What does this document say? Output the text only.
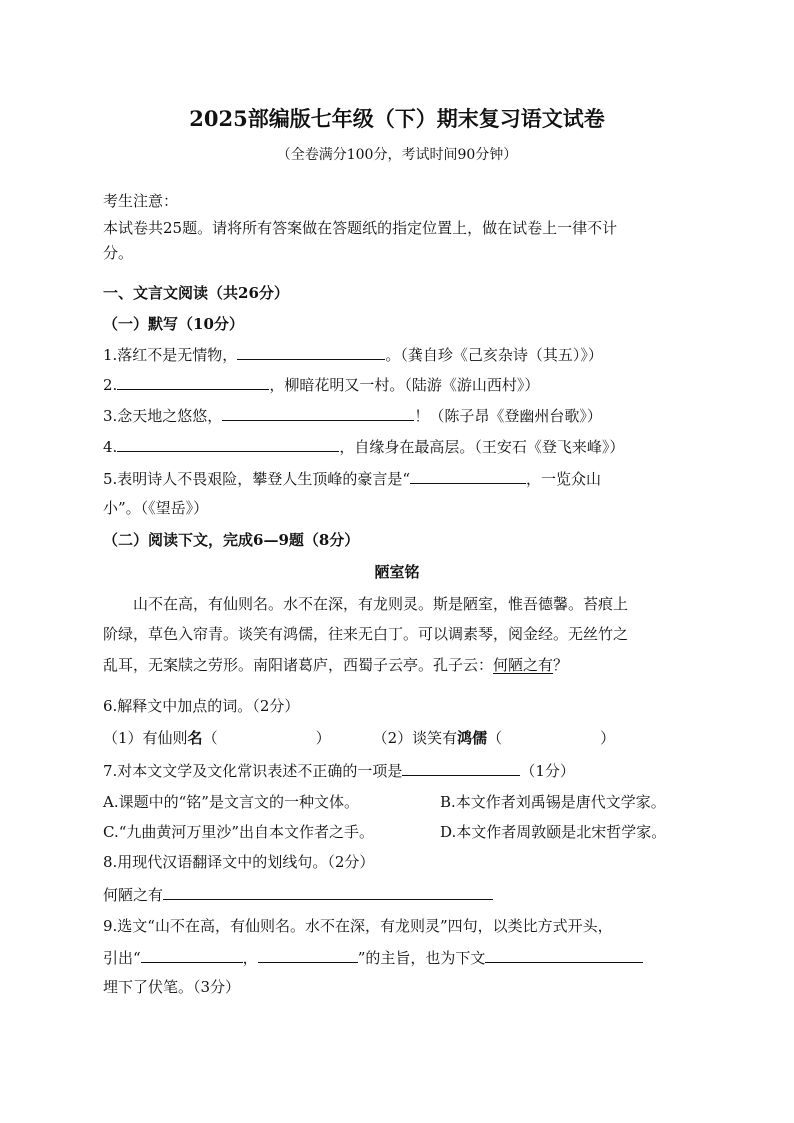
2025部编版七年级（下）期末复习语文试卷
（全卷满分100分，考试时间90分钟）
考生注意：
本试卷共25题。请将所有答案做在答题纸的指定位置上，做在试卷上一律不计
分。
一、文言文阅读（共26分）
（一）默写（10分）
1.落红不是无情物，	。（龚自珍《己亥杂诗（其五）》）
2.	，柳暗花明又一村。（陆游《游山西村》）
3.念天地之悠悠，	！（陈子昂《登幽州台歌》）
4.	，自缘身在最高层。（王安石《登飞来峰》）
5.表明诗人不畏艰险，攀登人生顶峰的豪言是“	，一览众山
小”。（《望岳》）
（二）阅读下文，完成6—9题（8分）
陋室铭
山不在高，有仙则名。水不在深，有龙则灵。斯是陋室，惟吾德馨。苔痕上
阶绿，草色入帘青。谈笑有鸿儒，往来无白丁。可以调素琴，阅金经。无丝竹之
乱耳，无案牍之劳形。南阳诸葛庐，西蜀子云亭。孔子云：何陋之有？
6.解释文中加点的词。（2分）
（1）有仙则名（	）	（2）谈笑有鸿儒（	）
7.对本文文学及文化常识表述不正确的一项是	（1分）
A.课题中的“铭”是文言文的一种文体。	B.本文作者刘禹锡是唐代文学家。
C.“九曲黄河万里沙”出自本文作者之手。	D.本文作者周敦颐是北宋哲学家。
8.用现代汉语翻译文中的划线句。（2分）
何陋之有
9.选文“山不在高，有仙则名。水不在深，有龙则灵”四句，以类比方式开头，
引出“	，	”的主旨，也为下文
埋下了伏笔。（3分）
